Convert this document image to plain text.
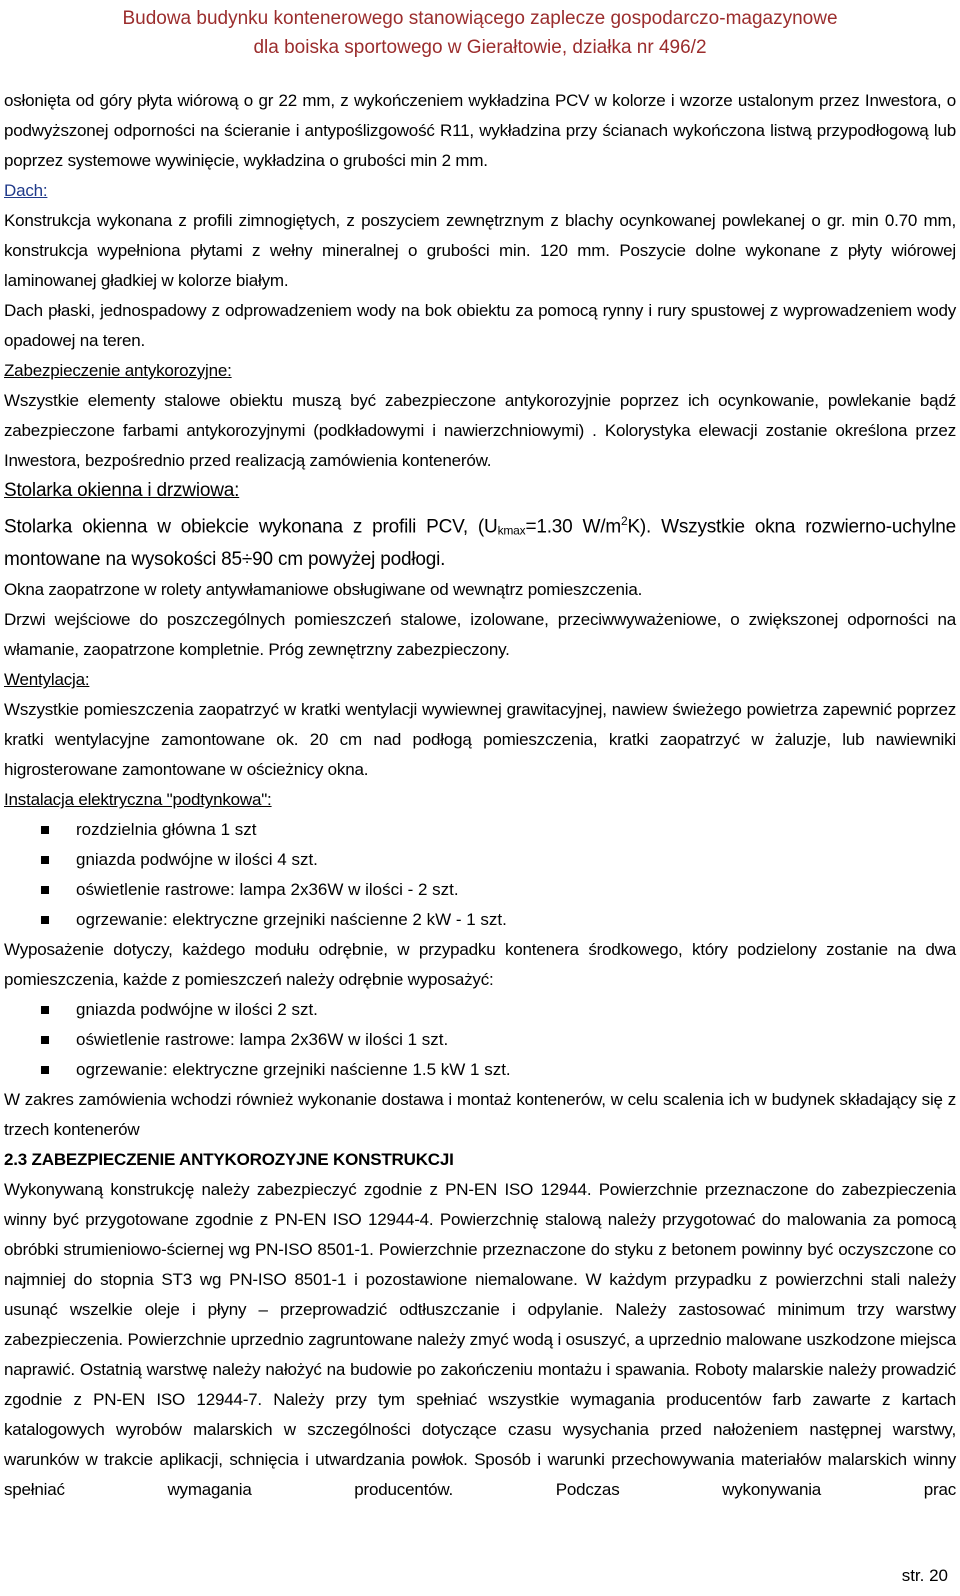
Budowa budynku kontenerowego stanowiącego zaplecze gospodarczo-magazynowe
dla boiska sportowego w Gierałtowie, działka nr 496/2

osłonięta od góry płyta wiórową o gr 22 mm, z wykończeniem wykładzina PCV w kolorze i wzorze ustalonym przez Inwestora, o podwyższonej odporności na ścieranie i antypoślizgowość R11, wykładzina przy ścianach wykończona listwą przypodłogową lub poprzez systemowe wywinięcie, wykładzina o grubości min 2 mm.

Dach:

Konstrukcja wykonana z profili zimnogiętych, z poszyciem zewnętrznym z blachy ocynkowanej powlekanej o gr. min 0.70 mm, konstrukcja wypełniona płytami z wełny mineralnej o grubości min. 120 mm. Poszycie dolne wykonane z płyty wiórowej laminowanej gładkiej w kolorze białym.

Dach płaski, jednospadowy z odprowadzeniem wody na bok obiektu za pomocą rynny i rury spustowej z wyprowadzeniem wody opadowej na teren.

Zabezpieczenie antykorozyjne:

Wszystkie elementy stalowe obiektu muszą być zabezpieczone antykorozyjnie poprzez ich ocynkowanie, powlekanie bądź zabezpieczone farbami antykorozyjnymi (podkładowymi i nawierzchniowymi) . Kolorystyka elewacji zostanie określona przez Inwestora, bezpośrednio przed realizacją zamówienia kontenerów.

Stolarka okienna i drzwiowa:

Stolarka okienna w obiekcie wykonana z profili PCV, ($U_{kmax}=1.30$ $W/m^2K$). Wszystkie okna rozwierno-uchylne montowane na wysokości 85÷90 cm powyżej podłogi.

Okna zaopatrzone w rolety antywłamaniowe obsługiwane od wewnątrz pomieszczenia.

Drzwi wejściowe do poszczególnych pomieszczeń stalowe, izolowane, przeciwwyważeniowe, o zwiększonej odporności na włamanie, zaopatrzone kompletnie. Próg zewnętrzny zabezpieczony.

Wentylacja:

Wszystkie pomieszczenia zaopatrzyć w kratki wentylacji wywiewnej grawitacyjnej, nawiew świeżego powietrza zapewnić poprzez kratki wentylacyjne zamontowane ok. 20 cm nad podłogą pomieszczenia, kratki zaopatrzyć w żaluzje, lub nawiewniki higrosterowane zamontowane w ościeżnicy okna.

Instalacja elektryczna "podtynkowa":

rozdzielnia główna 1 szt
gniazda podwójne w ilości 4 szt.
oświetlenie rastrowe: lampa 2x36W w ilości - 2 szt.
ogrzewanie: elektryczne grzejniki naścienne 2 kW - 1 szt.

Wyposażenie dotyczy, każdego modułu odrębnie, w przypadku kontenera środkowego, który podzielony zostanie na dwa pomieszczenia, każde z pomieszczeń należy odrębnie wyposażyć:

gniazda podwójne w ilości 2 szt.
oświetlenie rastrowe: lampa 2x36W w ilości 1 szt.
ogrzewanie: elektryczne grzejniki naścienne 1.5 kW 1 szt.

W zakres zamówienia wchodzi również wykonanie dostawa i montaż kontenerów, w celu scalenia ich w budynek składający się z trzech kontenerów

2.3 ZABEZPIECZENIE ANTYKOROZYJNE KONSTRUKCJI

Wykonywaną konstrukcję należy zabezpieczyć zgodnie z PN-EN ISO 12944. Powierzchnie przeznaczone do zabezpieczenia winny być przygotowane zgodnie z PN-EN ISO 12944-4. Powierzchnię stalową należy przygotować do malowania za pomocą obróbki strumieniowo-ściernej wg PN-ISO 8501-1. Powierzchnie przeznaczone do styku z betonem powinny być oczyszczone co najmniej do stopnia ST3 wg PN-ISO 8501-1 i pozostawione niemalowane. W każdym przypadku z powierzchni stali należy usunąć wszelkie oleje i płyny – przeprowadzić odtłuszczanie i odpylanie. Należy zastosować minimum trzy warstwy zabezpieczenia. Powierzchnie uprzednio zagruntowane należy zmyć wodą i osuszyć, a uprzednio malowane uszkodzone miejsca naprawić. Ostatnią warstwę należy nałożyć na budowie po zakończeniu montażu i spawania. Roboty malarskie należy prowadzić zgodnie z PN-EN ISO 12944-7. Należy przy tym spełniać wszystkie wymagania producentów farb zawarte z kartach katalogowych wyrobów malarskich w szczególności dotyczące czasu wysychania przed nałożeniem następnej warstwy, warunków w trakcie aplikacji, schnięcia i utwardzania powłok. Sposób i warunki przechowywania materiałów malarskich winny spełniać wymagania producentów. Podczas wykonywania prac

str. 20
